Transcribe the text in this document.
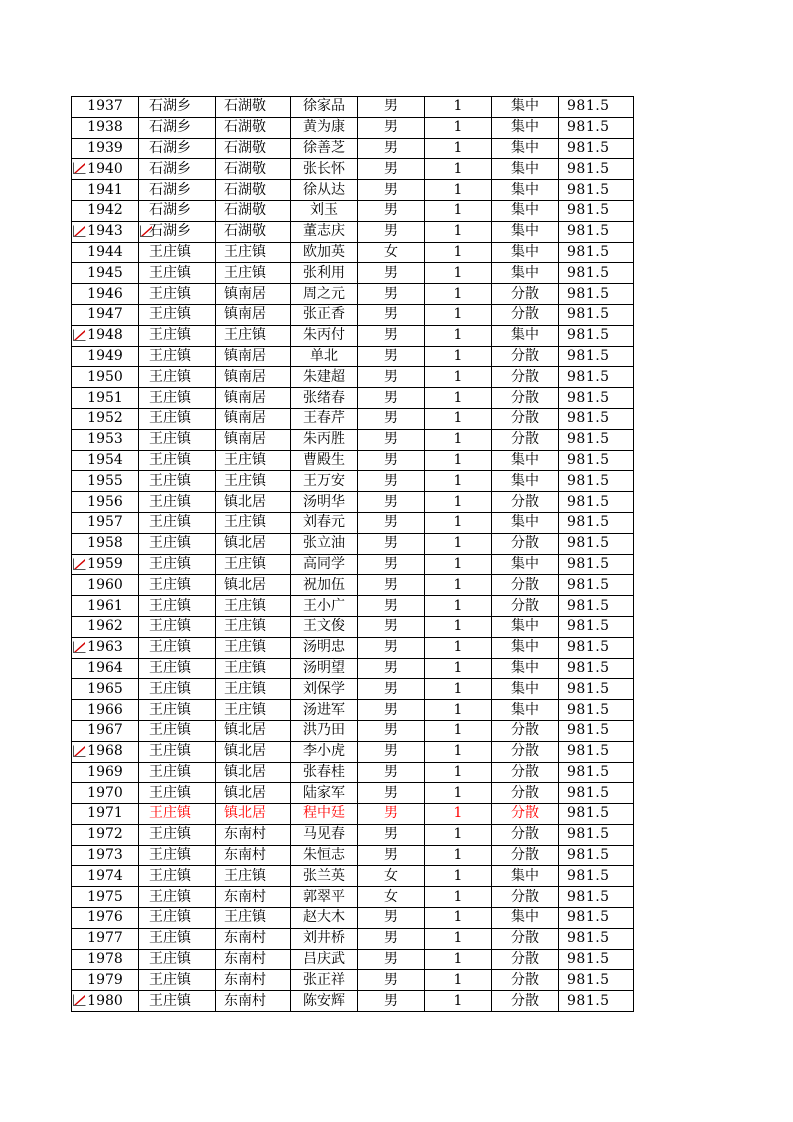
1937	石湖乡	石湖敬	徐家品	男	1	集中	981.5
1938	石湖乡	石湖敬	黄为康	男	1	集中	981.5
1939	石湖乡	石湖敬	徐善芝	男	1	集中	981.5

1940	石湖乡	石湖敬	张长怀	男	1	集中	981.5
1941	石湖乡	石湖敬	徐从达	男	1	集中	981.5
1942	石湖乡	石湖敬	刘玉	男	1	集中	981.5

1943	石湖乡	石湖敬	董志庆	男	1	集中	981.5
1944	王庄镇	王庄镇	欧加英	女	1	集中	981.5
1945	王庄镇	王庄镇	张利用	男	1	集中	981.5
1946	王庄镇	镇南居	周之元	男	1	分散	981.5
1947	王庄镇	镇南居	张正香	男	1	分散	981.5

1948	王庄镇	王庄镇	朱丙付	男	1	集中	981.5
1949	王庄镇	镇南居	单北	男	1	分散	981.5
1950	王庄镇	镇南居	朱建超	男	1	分散	981.5
1951	王庄镇	镇南居	张绪春	男	1	分散	981.5
1952	王庄镇	镇南居	王春芹	男	1	分散	981.5
1953	王庄镇	镇南居	朱丙胜	男	1	分散	981.5
1954	王庄镇	王庄镇	曹殿生	男	1	集中	981.5
1955	王庄镇	王庄镇	王万安	男	1	集中	981.5
1956	王庄镇	镇北居	汤明华	男	1	分散	981.5
1957	王庄镇	王庄镇	刘春元	男	1	集中	981.5
1958	王庄镇	镇北居	张立油	男	1	分散	981.5

1959	王庄镇	王庄镇	高同学	男	1	集中	981.5
1960	王庄镇	镇北居	祝加伍	男	1	分散	981.5
1961	王庄镇	王庄镇	王小广	男	1	分散	981.5
1962	王庄镇	王庄镇	王文俊	男	1	集中	981.5

1963	王庄镇	王庄镇	汤明忠	男	1	集中	981.5
1964	王庄镇	王庄镇	汤明望	男	1	集中	981.5
1965	王庄镇	王庄镇	刘保学	男	1	集中	981.5
1966	王庄镇	王庄镇	汤进军	男	1	集中	981.5
1967	王庄镇	镇北居	洪乃田	男	1	分散	981.5

1968	王庄镇	镇北居	李小虎	男	1	分散	981.5
1969	王庄镇	镇北居	张春桂	男	1	分散	981.5
1970	王庄镇	镇北居	陆家军	男	1	分散	981.5
1971	王庄镇	镇北居	程中廷	男	1	分散	981.5
1972	王庄镇	东南村	马见春	男	1	分散	981.5
1973	王庄镇	东南村	朱恒志	男	1	分散	981.5
1974	王庄镇	王庄镇	张兰英	女	1	集中	981.5
1975	王庄镇	东南村	郭翠平	女	1	分散	981.5
1976	王庄镇	王庄镇	赵大木	男	1	集中	981.5
1977	王庄镇	东南村	刘井桥	男	1	分散	981.5
1978	王庄镇	东南村	吕庆武	男	1	分散	981.5
1979	王庄镇	东南村	张正祥	男	1	分散	981.5

1980	王庄镇	东南村	陈安辉	男	1	分散	981.5
